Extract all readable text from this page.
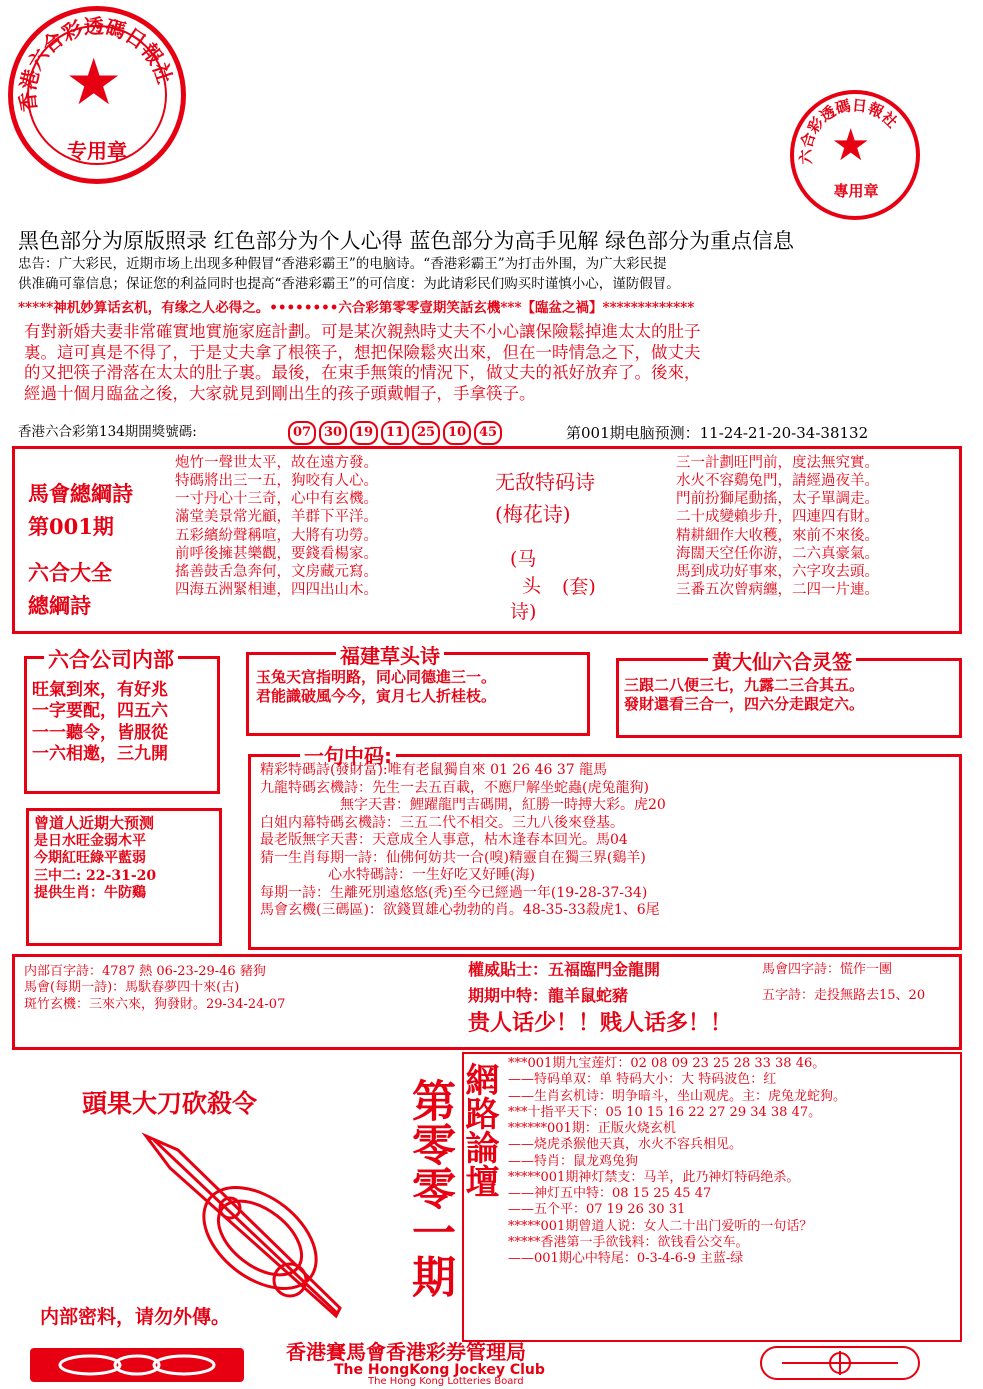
香港六合彩透碼日報社
★
专用章	六合彩透碼日報社
★
專用章
黑色部分为原版照录 红色部分为个人心得 蓝色部分为高手见解 绿色部分为重点信息
忠告：广大彩民，近期市场上出现多种假冒“香港彩霸王”的电脑诗。“香港彩霸王”为打击外围，为广大彩民提
供准确可靠信息；保证您的利益同时也提高“香港彩霸王”的可信度：为此请彩民们购买时谨慎小心，谨防假冒。
*****神机妙算话玄机，有缘之人必得之。••••••••六合彩第零零壹期笑話玄機***【臨盆之禍】*************
有對新婚夫妻非常確實地實施家庭計劃。可是某次親熱時丈夫不小心讓保險鬆掉進太太的肚子
裏。這可真是不得了，于是丈夫拿了根筷子，想把保險鬆夾出來，但在一時情急之下，做丈夫
的又把筷子滑落在太太的肚子裏。最後，在束手無策的情況下，做丈夫的祇好放弃了。後來，
經過十個月臨盆之後，大家就見到剛出生的孩子頭戴帽子，手拿筷子。
香港六合彩第134期開獎號碼:	07 30 19 11 25 10 45	第001期电脑预测：11-24-21-20-34-38132
馬會總綱詩
第001期
六合大全
總綱詩
炮竹一聲世太平，故在遠方發。
特碼將出三一五，狗咬有人心。
一寸丹心十三奇，心中有玄機。
滿堂美景常光顧，羊群下平洋。
五彩繽紛聲稱喧，大將有功勞。
前呼後擁甚樂觀，要錢看楊家。
搖善鼓舌急奔何，文房藏元寫。
四海五洲緊相連，四四出山木。
无敌特码诗
(梅花诗)
(马
头
诗)
(套)
三一計劃旺門前，度法無究實。
水火不容鷄兔門，請經過夜羊。
門前扮獅尾動搖，太子單調走。
二十成變賴步升，四連四有財。
精耕細作大收穫，來前不來後。
海闊天空任你游，二六真豪氣。
馬到成功好事來，六字攻去頭。
三番五次曾病纏，二四一片連。
六合公司内部
旺氣到來，有好兆
一字要配，四五六
一一聽令，皆服從
一六相邀，三九開
福建草头诗
玉兔天宫指明路，同心同德進三一。
君能識破風今今，寅月七人折桂枝。
黄大仙六合灵签
三跟二八便三七，九露二三合其五。
發財還看三合一，四六分走跟定六。
一句中码:
精彩特碼詩(發財富):唯有老鼠獨自來 01 26 46 37 龍馬
九龍特碼玄機詩：先生一去五百載，不應尸解坐蛇蟲(虎兔龍狗)
無字天書：鯉躍龍門吉碼開，紅勝一時搏大彩。虎20
白姐内幕特碼玄機詩：三五二代不相交。三九八後來登基。
最老版無字天書：天意成全人事意，枯木逢春本回光。馬04
猜一生肖每期一詩：仙佛何妨共一合(嗅)精靈自在獨三界(鷄羊)
心水特碼詩：一生好吃又好睡(海)
每期一詩：生離死別遠悠悠(秃)至今已經過一年(19-28-37-34)
馬會玄機(三碼區)：欲錢買雄心勃勃的肖。48-35-33殺虎1、6尾
曾道人近期大预测
是日水旺金弱木平
今期紅旺綠平藍弱
三中二: 22-31-20
提供生肖：牛防鷄
内部百字詩：4787 熱 06-23-29-46 豬狗
馬會(每期一詩)：馬馱春夢四十來(古)
斑竹玄機：三來六來，狗發財。29-34-24-07
權威貼士：五福臨門金龍開	馬會四字詩：慌作一團
期期中特：龍羊鼠蛇豬	五字詩：走投無路去15、20
贵人话少！！贱人话多！！
頭果大刀砍殺令
内部密料，请勿外傳。
第零零一期 網路論壇 ***001期九宝莲灯：02 08 09 23 25 28 33 38 46。
——特码单双：单 特码大小：大 特码波色：红
——生肖玄机诗：明争暗斗，坐山观虎。主：虎兔龙蛇狗。
***十指平天下：05 10 15 16 22 27 29 34 38 47。
******001期：正版火烧玄机
——烧虎杀猴他天真，水火不容兵相见。
——特肖：鼠龙鸡兔狗
*****001期神灯禁支：马羊，此乃神灯特码绝杀。
——神灯五中特：08 15 25 45 47
——五个平：07 19 26 30 31
*****001期曾道人说：女人二十出门爱听的一句话？
*****香港第一手欲钱料：欲钱看公交车。
——001期心中特尾：0-3-4-6-9 主蓝-绿
香港賽馬會香港彩券管理局
The HongKong Jockey Club
The Hong Kong Lotteries Board
